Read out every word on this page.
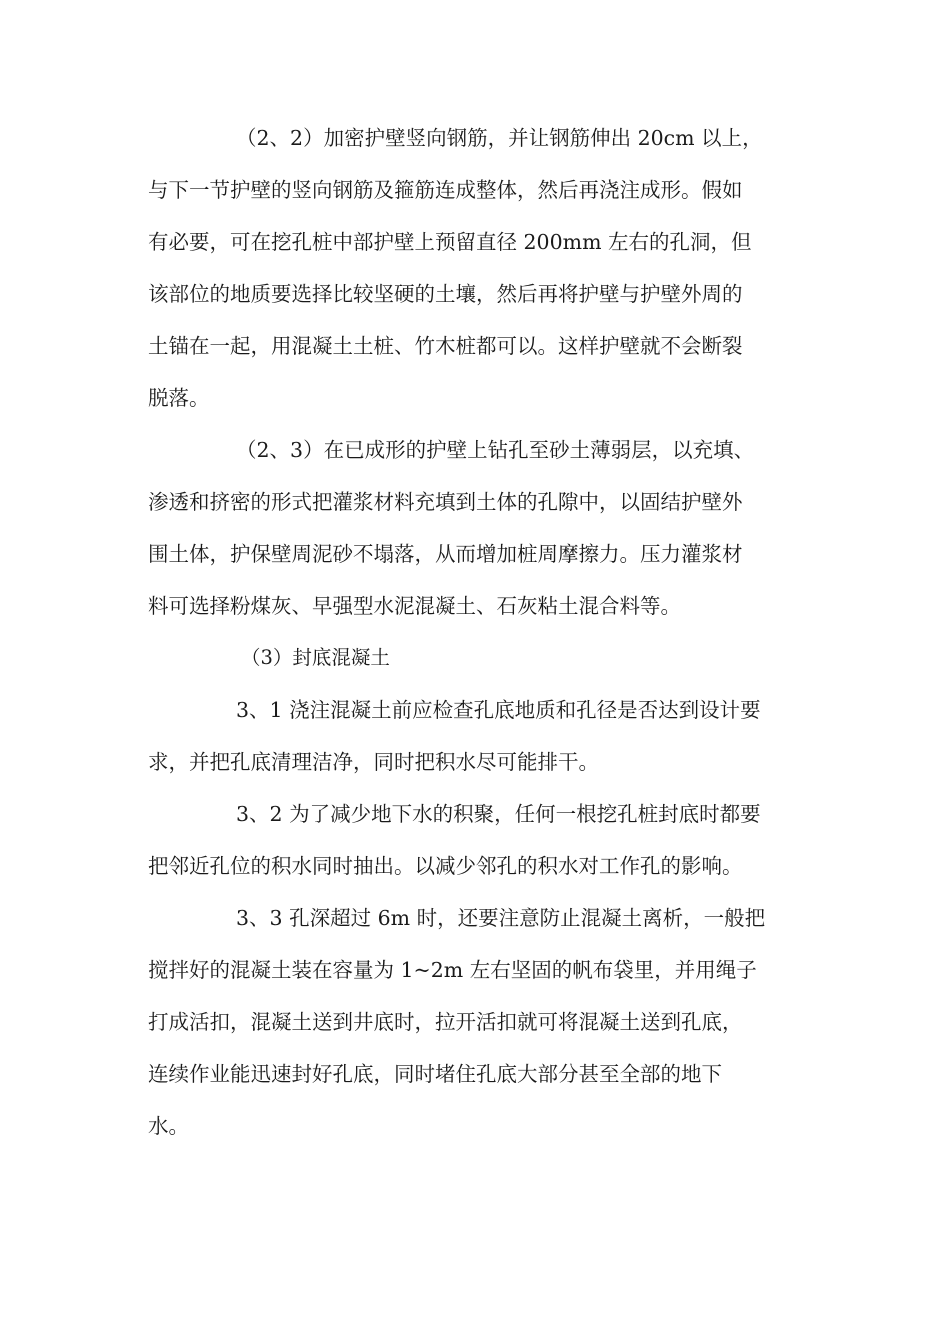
（2、2）加密护壁竖向钢筋，并让钢筋伸出 20cm 以上，
与下一节护壁的竖向钢筋及箍筋连成整体，然后再浇注成形。假如
有必要，可在挖孔桩中部护壁上预留直径 200mm 左右的孔洞，但
该部位的地质要选择比较坚硬的土壤，然后再将护壁与护壁外周的
土锚在一起，用混凝土土桩、竹木桩都可以。这样护壁就不会断裂
脱落。
（2、3）在已成形的护壁上钻孔至砂土薄弱层，以充填、
渗透和挤密的形式把灌浆材料充填到土体的孔隙中，以固结护壁外
围土体，护保壁周泥砂不塌落，从而增加桩周摩擦力。压力灌浆材
料可选择粉煤灰、早强型水泥混凝土、石灰粘土混合料等。
（3）封底混凝土
3、1 浇注混凝土前应检查孔底地质和孔径是否达到设计要
求，并把孔底清理洁净，同时把积水尽可能排干。
3、2 为了减少地下水的积聚，任何一根挖孔桩封底时都要
把邻近孔位的积水同时抽出。以减少邻孔的积水对工作孔的影响。
3、3 孔深超过 6m 时，还要注意防止混凝土离析，一般把
搅拌好的混凝土装在容量为 1~2m 左右坚固的帆布袋里，并用绳子
打成活扣，混凝土送到井底时，拉开活扣就可将混凝土送到孔底，
连续作业能迅速封好孔底，同时堵住孔底大部分甚至全部的地下
水。
